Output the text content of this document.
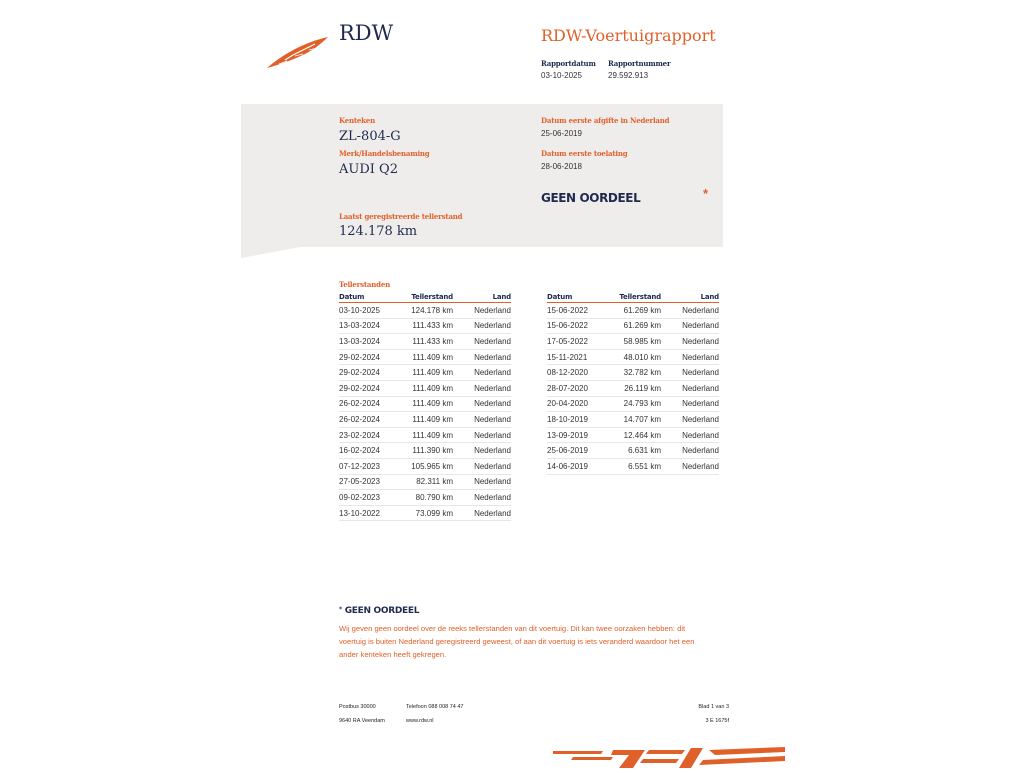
RDW	RDW-Voertuigrapport
Rapportdatum
03-10-2025
Rapportnummer
29.592.913
Kenteken
ZL-804-G
Merk/Handelsbenaming
AUDI Q2
Laatst geregistreerde tellerstand
124.178 km
Datum eerste afgifte in Nederland
25-06-2019
Datum eerste toelating
28-06-2018
GEEN OORDEEL	*
Tellerstanden
Datum	Tellerstand	Land
03-10-2025	124.178 km	Nederland
13-03-2024	111.433 km	Nederland
13-03-2024	111.433 km	Nederland
29-02-2024	111.409 km	Nederland
29-02-2024	111.409 km	Nederland
29-02-2024	111.409 km	Nederland
26-02-2024	111.409 km	Nederland
26-02-2024	111.409 km	Nederland
23-02-2024	111.409 km	Nederland
16-02-2024	111.390 km	Nederland
07-12-2023	105.965 km	Nederland
27-05-2023	82.311 km	Nederland
09-02-2023	80.790 km	Nederland
13-10-2022	73.099 km	Nederland
Datum	Tellerstand	Land
15-06-2022	61.269 km	Nederland
15-06-2022	61.269 km	Nederland
17-05-2022	58.985 km	Nederland
15-11-2021	48.010 km	Nederland
08-12-2020	32.782 km	Nederland
28-07-2020	26.119 km	Nederland
20-04-2020	24.793 km	Nederland
18-10-2019	14.707 km	Nederland
13-09-2019	12.464 km	Nederland
25-06-2019	6.631 km	Nederland
14-06-2019	6.551 km	Nederland
* GEEN OORDEEL
Wij geven geen oordeel over de reeks tellerstanden van dit voertuig. Dit kan twee oorzaken hebben: dit
voertuig is buiten Nederland geregistreerd geweest, of aan dit voertuig is iets veranderd waardoor het een
ander kenteken heeft gekregen.
Postbus 30000
9640 RA Veendam
Telefoon 088 008 74 47
www.rdw.nl
Blad 1 van 3
3 E 1675f
